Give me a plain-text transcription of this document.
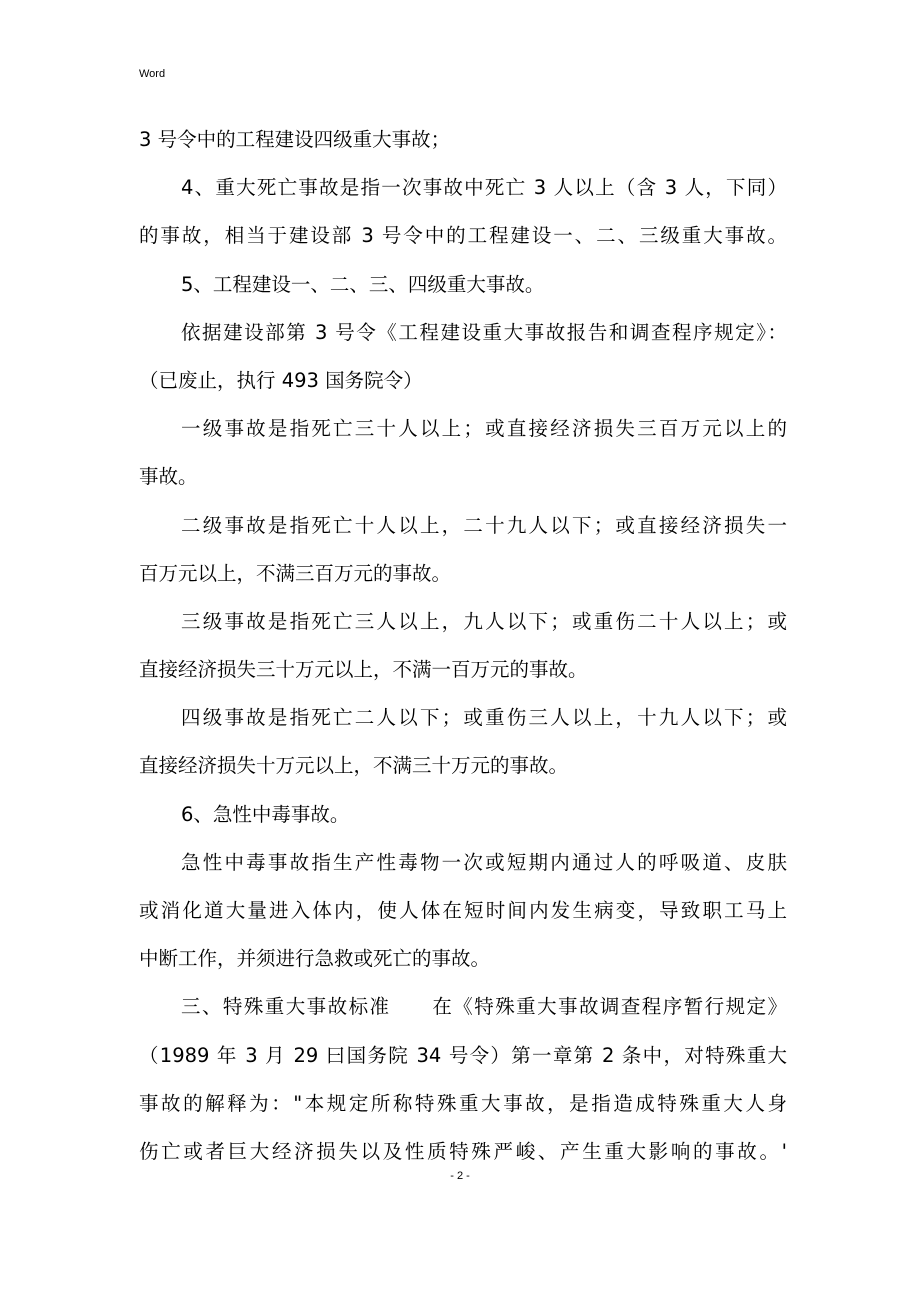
Word
3 号令中的工程建设四级重大事故；
4、重大死亡事故是指一次事故中死亡 3 人以上（含 3 人，下同）
的事故，相当于建设部 3 号令中的工程建设一、二、三级重大事故。
5、工程建设一、二、三、四级重大事故。
依据建设部第 3 号令《工程建设重大事故报告和调查程序规定》：
（已废止，执行 493 国务院令）
一级事故是指死亡三十人以上；或直接经济损失三百万元以上的
事故。
二级事故是指死亡十人以上，二十九人以下；或直接经济损失一
百万元以上，不满三百万元的事故。
三级事故是指死亡三人以上，九人以下；或重伤二十人以上；或
直接经济损失三十万元以上，不满一百万元的事故。
四级事故是指死亡二人以下；或重伤三人以上，十九人以下；或
直接经济损失十万元以上，不满三十万元的事故。
6、急性中毒事故。
急性中毒事故指生产性毒物一次或短期内通过人的呼吸道、皮肤
或消化道大量进入体内，使人体在短时间内发生病变，导致职工马上
中断工作，并须进行急救或死亡的事故。
三、特殊重大事故标准　　在《特殊重大事故调查程序暂行规定》
（1989 年 3 月 29 曰国务院 34 号令）第一章第 2 条中，对特殊重大
事故的解释为："本规定所称特殊重大事故，是指造成特殊重大人身
伤亡或者巨大经济损失以及性质特殊严峻、产生重大影响的事故。'
- 2 -
